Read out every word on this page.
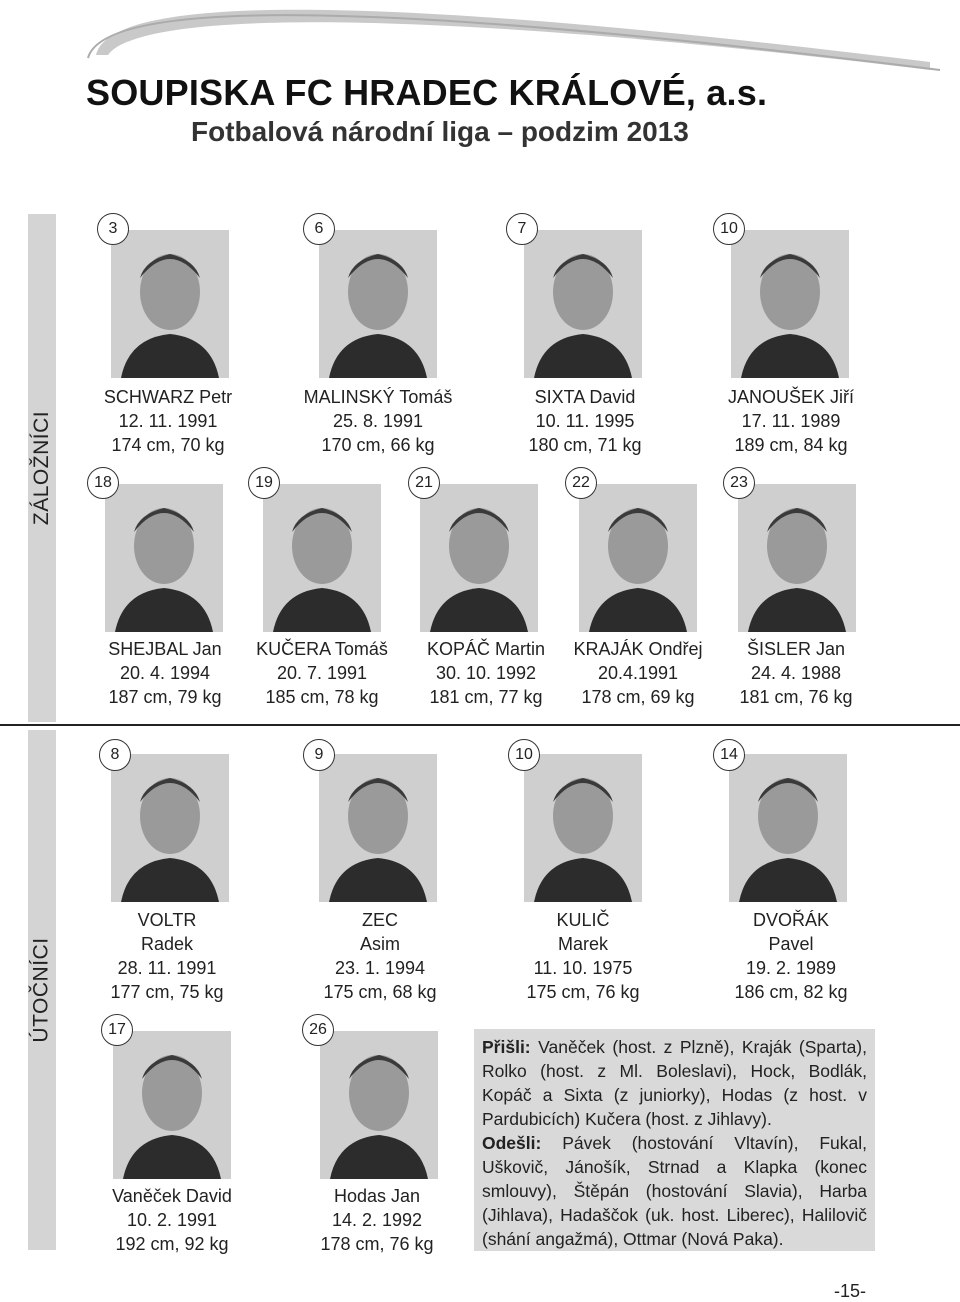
SOUPISKA FC HRADEC KRÁLOVÉ, a.s.
Fotbalová národní liga – podzim 2013
ZÁLOŽNÍCI
ÚTOČNÍCI
3
SCHWARZ Petr
12. 11. 1991
174 cm, 70 kg
6
MALINSKÝ Tomáš
25. 8. 1991
170 cm, 66 kg
7
SIXTA David
10. 11. 1995
180 cm, 71 kg
10
JANOUŠEK Jiří
17. 11. 1989
189 cm, 84 kg
18
SHEJBAL Jan
20. 4. 1994
187 cm, 79 kg
19
KUČERA Tomáš
20. 7. 1991
185 cm, 78 kg
21
KOPÁČ Martin
30. 10. 1992
181 cm, 77 kg
22
KRAJÁK Ondřej
20.4.1991
178 cm, 69 kg
23
ŠISLER Jan
24. 4. 1988
181 cm, 76 kg
8
VOLTR
Radek
28. 11. 1991
177 cm, 75 kg
9
ZEC
Asim
23. 1. 1994
175 cm, 68 kg
10
KULIČ
Marek
11. 10. 1975
175 cm, 76 kg
14
DVOŘÁK
Pavel
19. 2. 1989
186 cm, 82 kg
17
Vaněček David
10. 2. 1991
192 cm, 92 kg
26
Hodas Jan
14. 2. 1992
178 cm, 76 kg
Přišli: Vaněček (host. z Plzně), Kraják (Sparta), Rolko (host. z Ml. Boleslavi), Hock, Bodlák, Kopáč a Sixta (z juniorky), Hodas (z host. v Pardubicích) Kučera (host. z Jihlavy).
Odešli: Pávek (hostování Vltavín), Fukal, Uškovič, Jánošík, Strnad a Klapka (konec smlouvy), Štěpán (hostování Slavia), Harba (Jihlava), Hadaščok (uk. host. Liberec), Halilovič (shání angažmá), Ottmar (Nová Paka).
-15-
